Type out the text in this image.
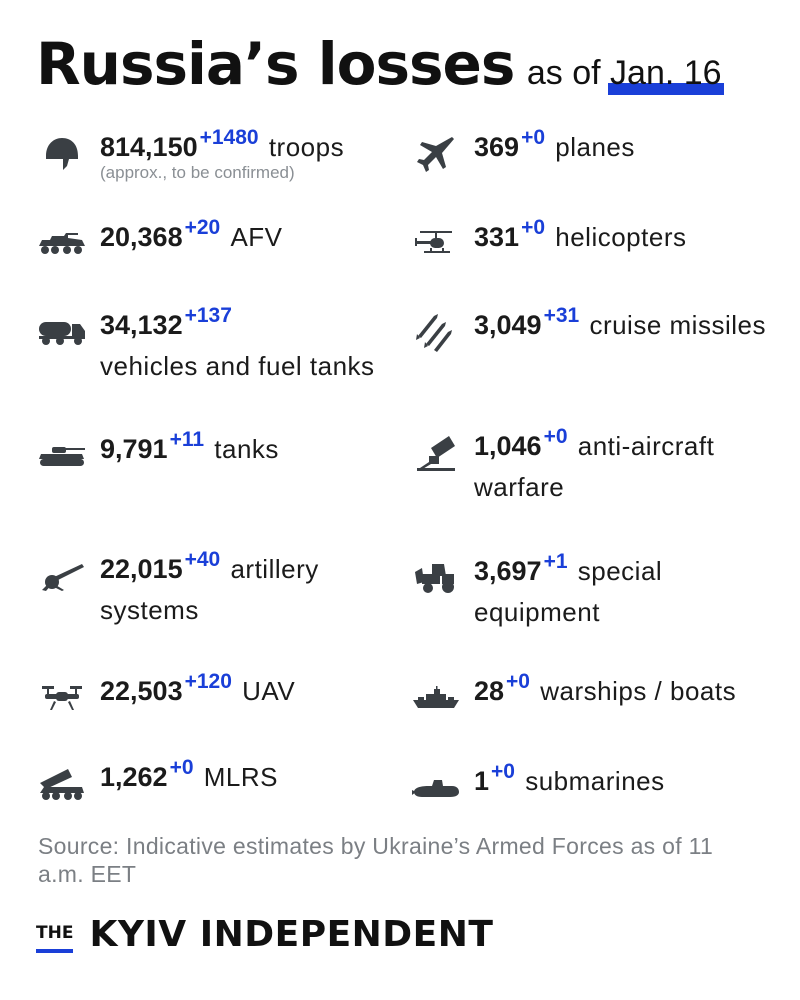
Russia’s losses as of Jan. 16
$814,150^{+1480}$ troops
(approx., to be confirmed)
$20,368^{+20}$ AFV
$34,132^{+137}$
vehicles and fuel tanks
$9,791^{+11}$ tanks
$22,015^{+40}$ artillery systems
$22,503^{+120}$ UAV
$1,262^{+0}$ MLRS
$369^{+0}$ planes
$331^{+0}$ helicopters
$3,049^{+31}$ cruise missiles
$1,046^{+0}$ anti-aircraft warfare
$3,697^{+1}$ special equipment
$28^{+0}$ warships / boats
$1^{+0}$ submarines
Source: Indicative estimates by Ukraine’s Armed Forces as of 11 a.m. EET
THE KYIV INDEPENDENT
